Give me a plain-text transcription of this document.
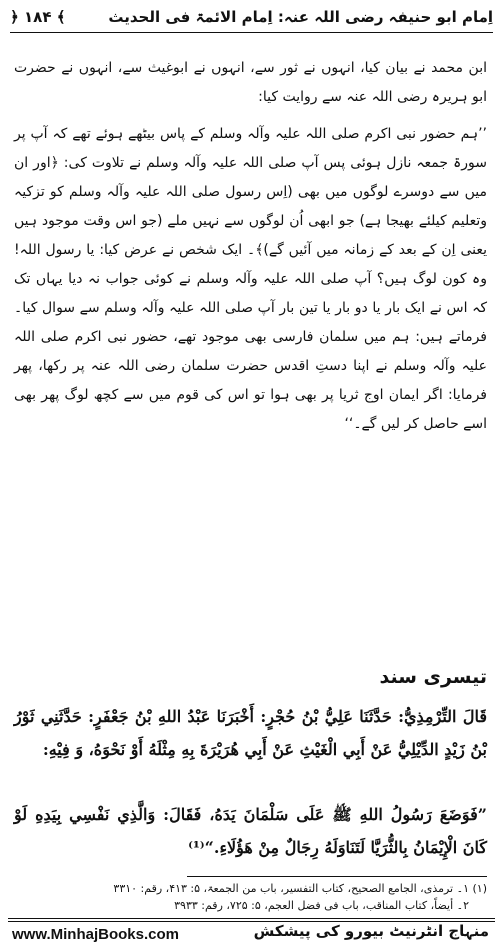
اِمام ابو حنیفہ رضی اللہ عنہ: اِمام الائمۃ فی الحدیث
﴿ ۱۸۴ ﴾
ابن محمد نے بیان کیا، انہوں نے ثور سے، انہوں نے ابوغیث سے، انہوں نے حضرت ابو ہریرہ رضی اللہ عنہ سے روایت کیا:
’’ہم حضور نبی اکرم صلی اللہ علیہ وآلہ وسلم کے پاس بیٹھے ہوئے تھے کہ آپ پر سورۃ جمعہ نازل ہوئی پس آپ صلی اللہ علیہ وآلہ وسلم نے تلاوت کی: ﴿اور ان میں سے دوسرے لوگوں میں بھی (اِس رسول صلی اللہ علیہ وآلہ وسلم کو تزکیہ وتعلیم کیلئے بھیجا ہے) جو ابھی اُن لوگوں سے نہیں ملے (جو اس وقت موجود ہیں یعنی اِن کے بعد کے زمانہ میں آئیں گے)﴾۔ ایک شخص نے عرض کیا: یا رسول اللہ! وہ کون لوگ ہیں؟ آپ صلی اللہ علیہ وآلہ وسلم نے کوئی جواب نہ دیا یہاں تک کہ اس نے ایک بار یا دو بار یا تین بار آپ صلی اللہ علیہ وآلہ وسلم سے سوال کیا۔ فرماتے ہیں: ہم میں سلمان فارسی بھی موجود تھے، حضور نبی اکرم صلی اللہ علیہ وآلہ وسلم نے اپنا دستِ اقدس حضرت سلمان رضی اللہ عنہ پر رکھا، پھر فرمایا: اگر ایمان اوج ثریا پر بھی ہوا تو اس کی قوم میں سے کچھ لوگ پھر بھی اسے حاصل کر لیں گے۔‘‘
تیسری سند
قَالَ التِّرْمِذِيُّ: حَدَّثَنَا عَلِيُّ بْنُ حُجْرٍ: أَخْبَرَنَا عَبْدُ اللهِ بْنُ جَعْفَرٍ: حَدَّثَنِي ثَوْرُ بْنُ زَيْدٍ الدِّيْلِيُّ عَنْ أَبِي الْغَيْثِ عَنْ أَبِي هُرَيْرَةَ بِهِ مِثْلَهُ أَوْ نَحْوَهُ، وَ فِيْهِ:
”فَوَضَعَ رَسُولُ اللهِ ﷺ عَلَى سَلْمَانَ يَدَهُ، فَقَالَ: وَالَّذِي نَفْسِي بِيَدِهِ لَوْ كَانَ الْإِيْمَانُ بِالثُّرَيَّا لَتَنَاوَلَهُ رِجَالٌ مِنْ هَؤُلَاءِ.“⁽¹⁾
(۱) ۱۔ ترمذی، الجامع الصحیح، کتاب التفسیر، باب من الجمعۃ، ۵: ۴۱۳، رقم: ۳۳۱۰
۲۔ أیضاً، کتاب المناقب، باب فی فضل العجم، ۵: ۷۲۵، رقم: ۳۹۳۳
www.MinhajBooks.com	منہاج انٹرنیٹ بیورو کی پیشکش
